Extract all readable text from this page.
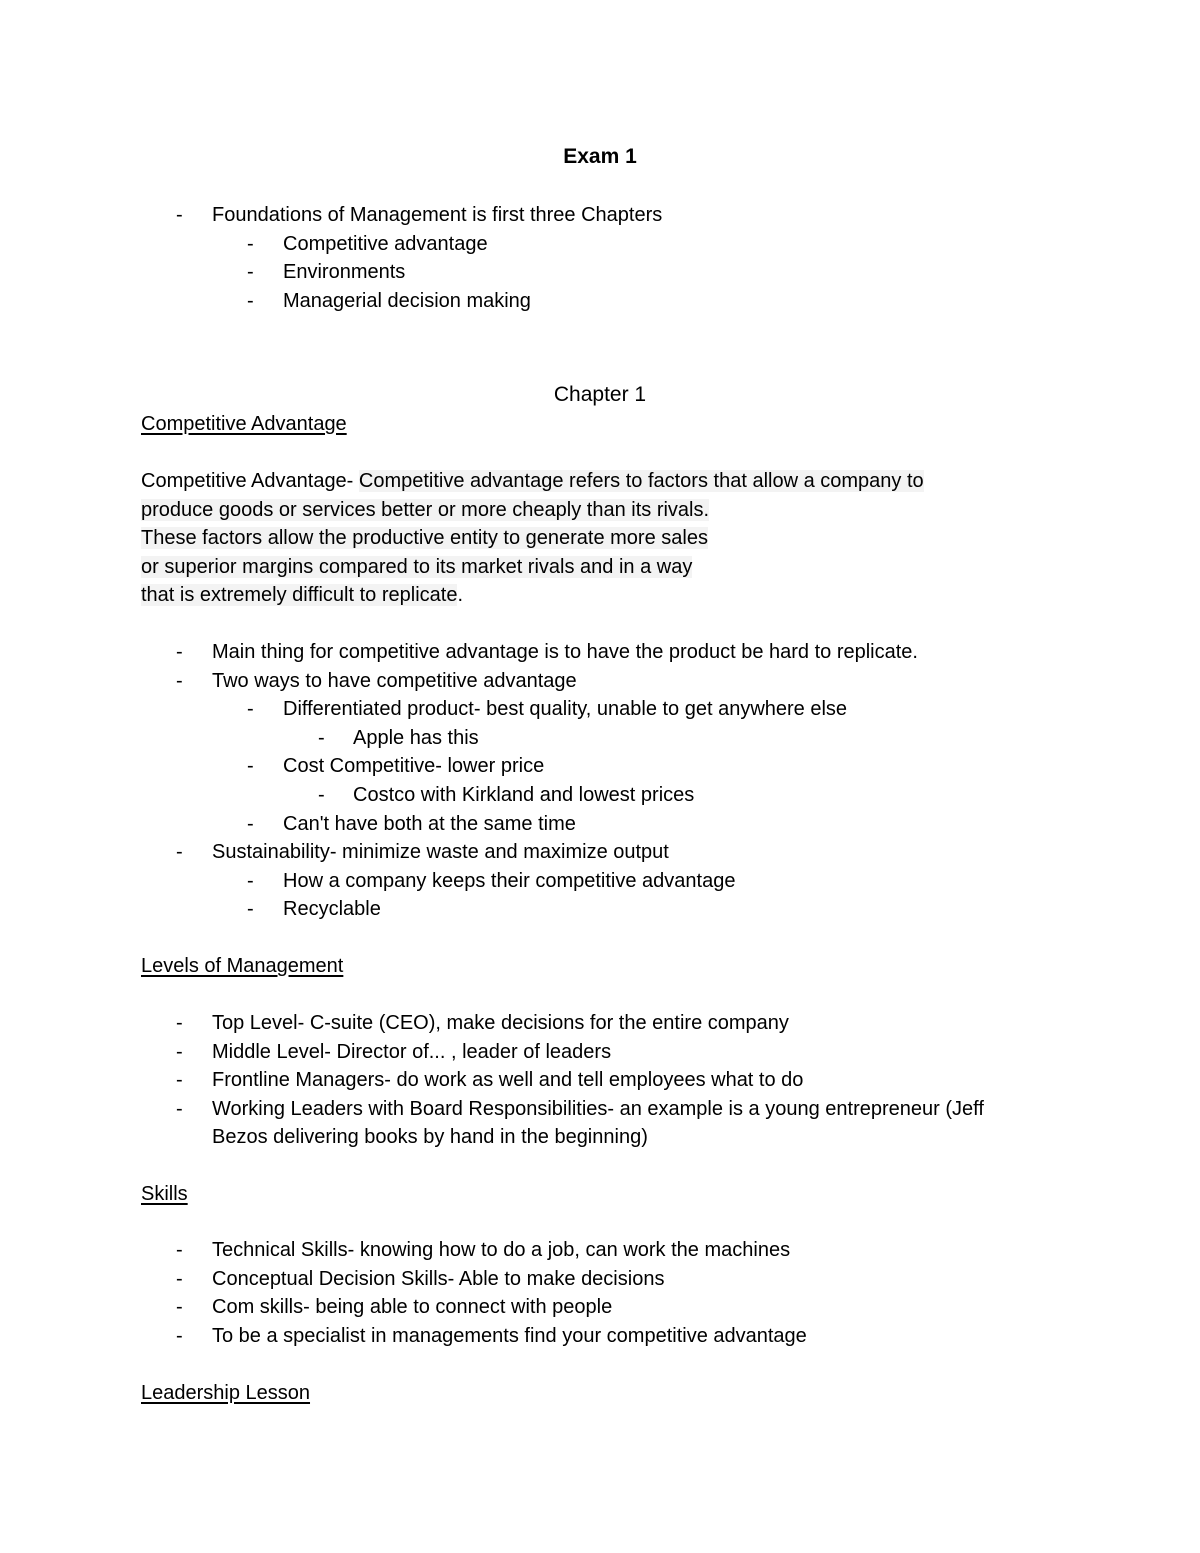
Exam 1
-	Foundations of Management is first three Chapters
-	Competitive advantage
-	Environments
-	Managerial decision making
Chapter 1
Competitive Advantage
Competitive Advantage- Competitive advantage refers to factors that allow a company to
produce goods or services better or more cheaply than its rivals.
These factors allow the productive entity to generate more sales
or superior margins compared to its market rivals and in a way
that is extremely difficult to replicate.
-	Main thing for competitive advantage is to have the product be hard to replicate.
-	Two ways to have competitive advantage
-	Differentiated product- best quality, unable to get anywhere else
-	Apple has this
-	Cost Competitive- lower price
-	Costco with Kirkland and lowest prices
-	Can't have both at the same time
-	Sustainability- minimize waste and maximize output
-	How a company keeps their competitive advantage
-	Recyclable
Levels of Management
-	Top Level- C-suite (CEO), make decisions for the entire company
-	Middle Level- Director of... , leader of leaders
-	Frontline Managers- do work as well and tell employees what to do
-	Working Leaders with Board Responsibilities- an example is a young entrepreneur (Jeff
Bezos delivering books by hand in the beginning)
Skills
-	Technical Skills- knowing how to do a job, can work the machines
-	Conceptual Decision Skills- Able to make decisions
-	Com skills- being able to connect with people
-	To be a specialist in managements find your competitive advantage
Leadership Lesson
